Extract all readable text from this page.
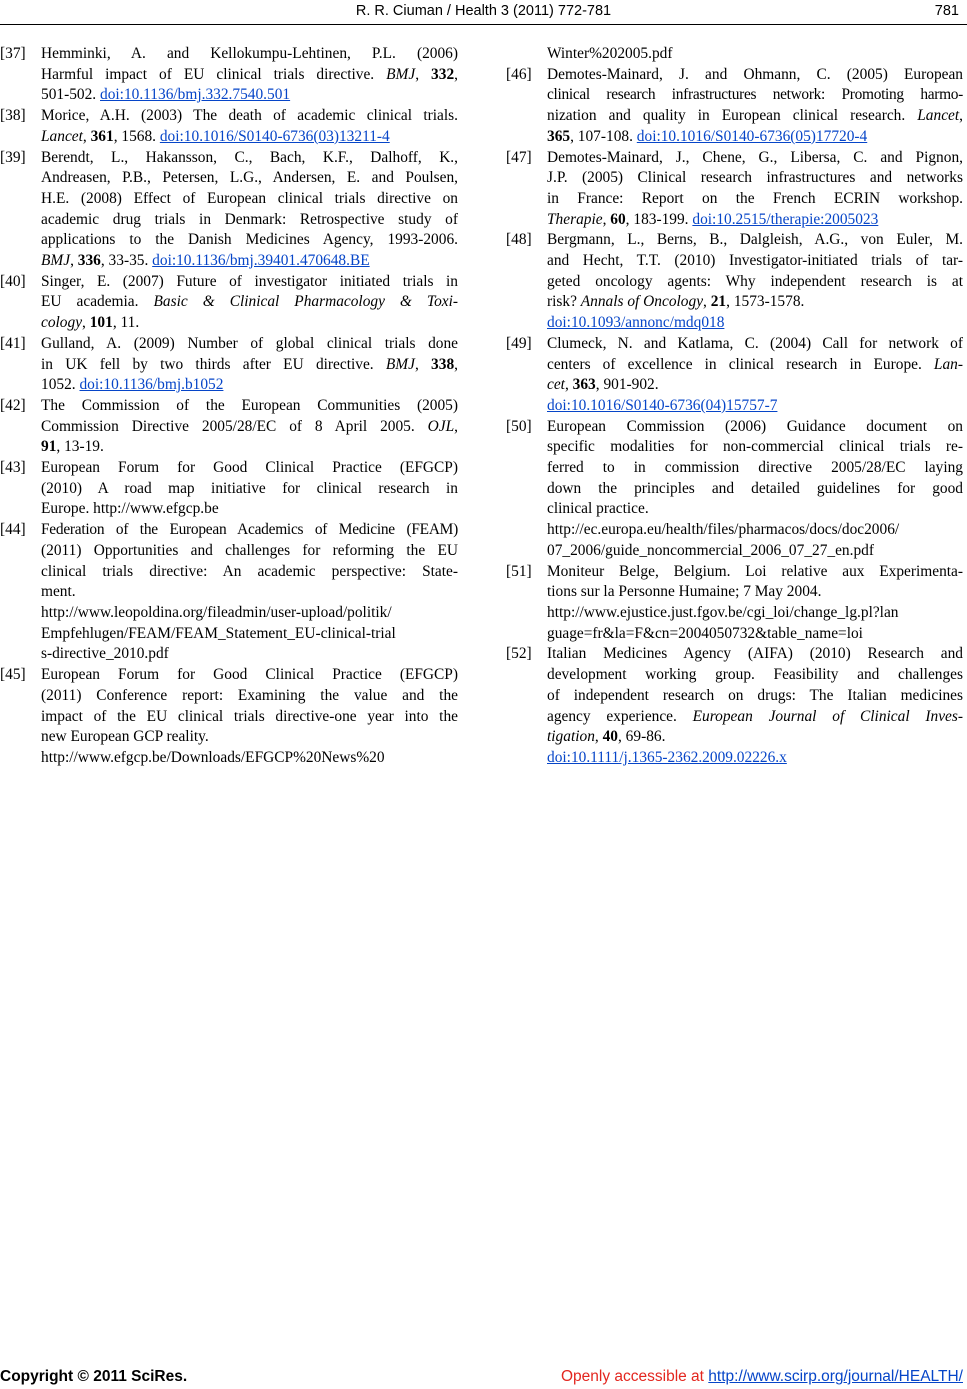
R. R. Ciuman / Health 3 (2011) 772-781	781
[37] Hemminki, A. and Kellokumpu-Lehtinen, P.L. (2006)
Harmful impact of EU clinical trials directive. BMJ, 332,
501-502. doi:10.1136/bmj.332.7540.501
[38] Morice, A.H. (2003) The death of academic clinical trials.
Lancet, 361, 1568. doi:10.1016/S0140-6736(03)13211-4
[39] Berendt, L., Hakansson, C., Bach, K.F., Dalhoff, K.,
Andreasen, P.B., Petersen, L.G., Andersen, E. and Poulsen,
H.E. (2008) Effect of European clinical trials directive on
academic drug trials in Denmark: Retrospective study of
applications to the Danish Medicines Agency, 1993-2006.
BMJ, 336, 33-35. doi:10.1136/bmj.39401.470648.BE
[40] Singer, E. (2007) Future of investigator initiated trials in
EU academia. Basic & Clinical Pharmacology & Toxi-
cology, 101, 11.
[41] Gulland, A. (2009) Number of global clinical trials done
in UK fell by two thirds after EU directive. BMJ, 338,
1052. doi:10.1136/bmj.b1052
[42] The Commission of the European Communities (2005)
Commission Directive 2005/28/EC of 8 April 2005. OJL,
91, 13-19.
[43] European Forum for Good Clinical Practice (EFGCP)
(2010) A road map initiative for clinical research in
Europe. http://www.efgcp.be
[44] Federation of the European Academics of Medicine (FEAM)
(2011) Opportunities and challenges for reforming the EU
clinical trials directive: An academic perspective: State-
ment.
http://www.leopoldina.org/fileadmin/user-upload/politik/
Empfehlugen/FEAM/FEAM_Statement_EU-clinical-trial
s-directive_2010.pdf
[45] European Forum for Good Clinical Practice (EFGCP)
(2011) Conference report: Examining the value and the
impact of the EU clinical trials directive-one year into the
new European GCP reality.
http://www.efgcp.be/Downloads/EFGCP%20News%20
Winter%202005.pdf
[46] Demotes-Mainard, J. and Ohmann, C. (2005) European
clinical research infrastructures network: Promoting harmo-
nization and quality in European clinical research. Lancet,
365, 107-108. doi:10.1016/S0140-6736(05)17720-4
[47] Demotes-Mainard, J., Chene, G., Libersa, C. and Pignon,
J.P. (2005) Clinical research infrastructures and networks
in France: Report on the French ECRIN workshop.
Therapie, 60, 183-199. doi:10.2515/therapie:2005023
[48] Bergmann, L., Berns, B., Dalgleish, A.G., von Euler, M.
and Hecht, T.T. (2010) Investigator-initiated trials of tar-
geted oncology agents: Why independent research is at
risk? Annals of Oncology, 21, 1573-1578.
doi:10.1093/annonc/mdq018
[49] Clumeck, N. and Katlama, C. (2004) Call for network of
centers of excellence in clinical research in Europe. Lan-
cet, 363, 901-902.
doi:10.1016/S0140-6736(04)15757-7
[50] European Commission (2006) Guidance document on
specific modalities for non-commercial clinical trials re-
ferred to in commission directive 2005/28/EC laying
down the principles and detailed guidelines for good
clinical practice.
http://ec.europa.eu/health/files/pharmacos/docs/doc2006/
07_2006/guide_noncommercial_2006_07_27_en.pdf
[51] Moniteur Belge, Belgium. Loi relative aux Experimenta-
tions sur la Personne Humaine; 7 May 2004.
http://www.ejustice.just.fgov.be/cgi_loi/change_lg.pl?lan
guage=fr&la=F&cn=2004050732&table_name=loi
[52] Italian Medicines Agency (AIFA) (2010) Research and
development working group. Feasibility and challenges
of independent research on drugs: The Italian medicines
agency experience. European Journal of Clinical Inves-
tigation, 40, 69-86.
doi:10.1111/j.1365-2362.2009.02226.x
Copyright © 2011 SciRes.	Openly accessible at http://www.scirp.org/journal/HEALTH/
